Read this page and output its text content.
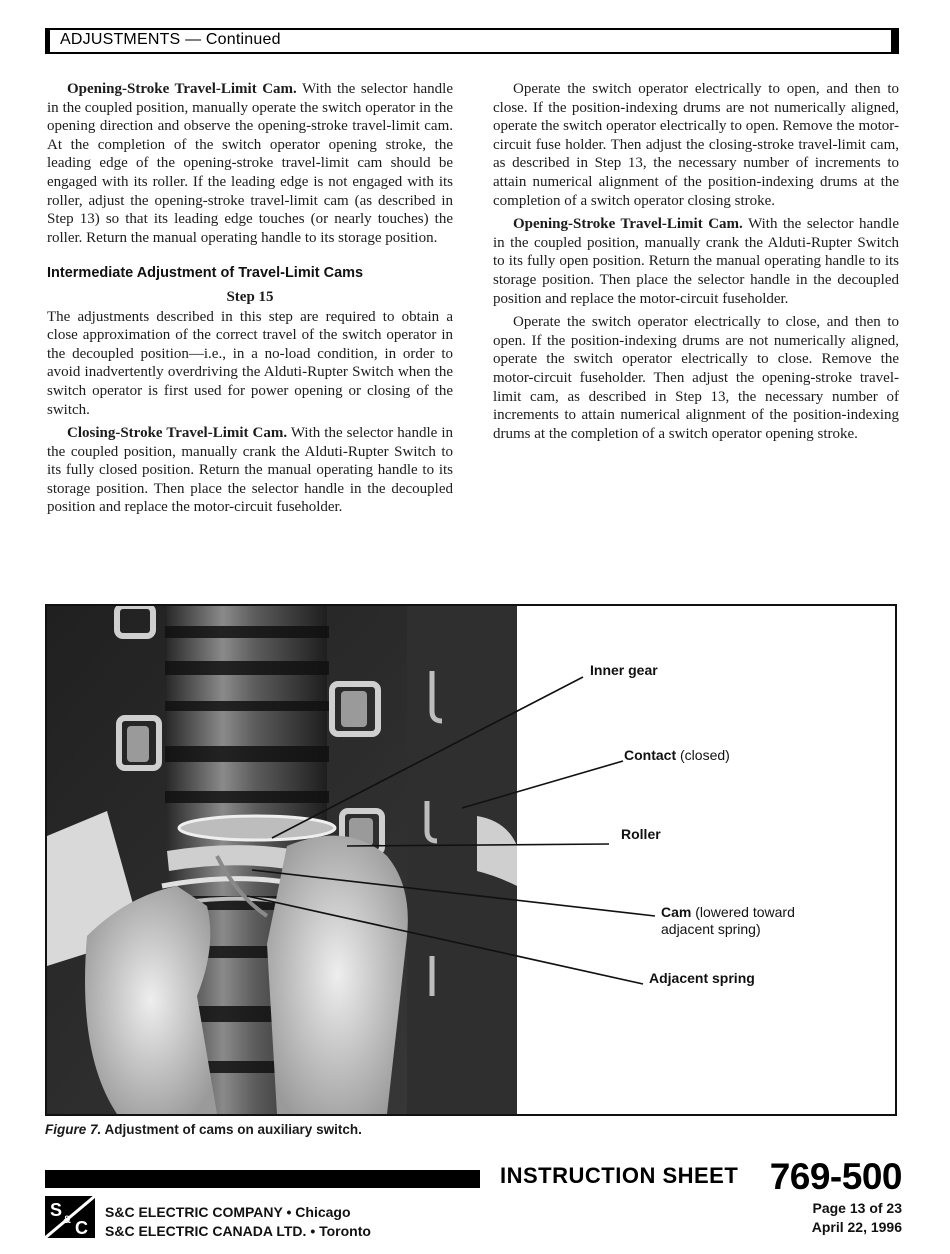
ADJUSTMENTS — Continued

Opening-Stroke Travel-Limit Cam. With the selector handle in the coupled position, manually operate the switch operator in the opening direction and observe the opening-stroke travel-limit cam. At the completion of the switch operator opening stroke, the leading edge of the opening-stroke travel-limit cam should be engaged with its roller. If the leading edge is not engaged with its roller, adjust the opening-stroke travel-limit cam (as described in Step 13) so that its leading edge touches (or nearly touches) the roller. Return the manual operating handle to its storage position.

Intermediate Adjustment of Travel-Limit Cams
Step 15

The adjustments described in this step are required to obtain a close approximation of the correct travel of the switch operator in the decoupled position—i.e., in a no-load condition, in order to avoid inadvertently overdriving the Alduti-Rupter Switch when the switch operator is first used for power opening or closing of the switch.

Closing-Stroke Travel-Limit Cam. With the selector handle in the coupled position, manually crank the Alduti-Rupter Switch to its fully closed position. Return the manual operating handle to its storage position. Then place the selector handle in the decoupled position and replace the motor-circuit fuseholder.

Operate the switch operator electrically to open, and then to close. If the position-indexing drums are not numerically aligned, operate the switch operator electrically to open. Remove the motor-circuit fuse holder. Then adjust the closing-stroke travel-limit cam, as described in Step 13, the necessary number of increments to attain numerical alignment of the position-indexing drums at the completion of a switch operator closing stroke.

Opening-Stroke Travel-Limit Cam. With the selector handle in the coupled position, manually crank the Alduti-Rupter Switch to its fully open position. Return the manual operating handle to its storage position. Then place the selector handle in the decoupled position and replace the motor-circuit fuseholder.

Operate the switch operator electrically to close, and then to open. If the position-indexing drums are not numerically aligned, operate the switch operator electrically to close. Remove the motor-circuit fuseholder. Then adjust the opening-stroke travel-limit cam, as described in Step 13, the necessary number of increments to attain numerical alignment of the position-indexing drums at the completion of a switch operator opening stroke.

Inner gear
Contact (closed)
Roller
Cam (lowered toward
adjacent spring)
Adjacent spring
Figure 7. Adjustment of cams on auxiliary switch.
INSTRUCTION SHEET 769-500
S & C
S&C ELECTRIC COMPANY • Chicago
S&C ELECTRIC CANADA LTD. • Toronto
Page 13 of 23
April 22, 1996
